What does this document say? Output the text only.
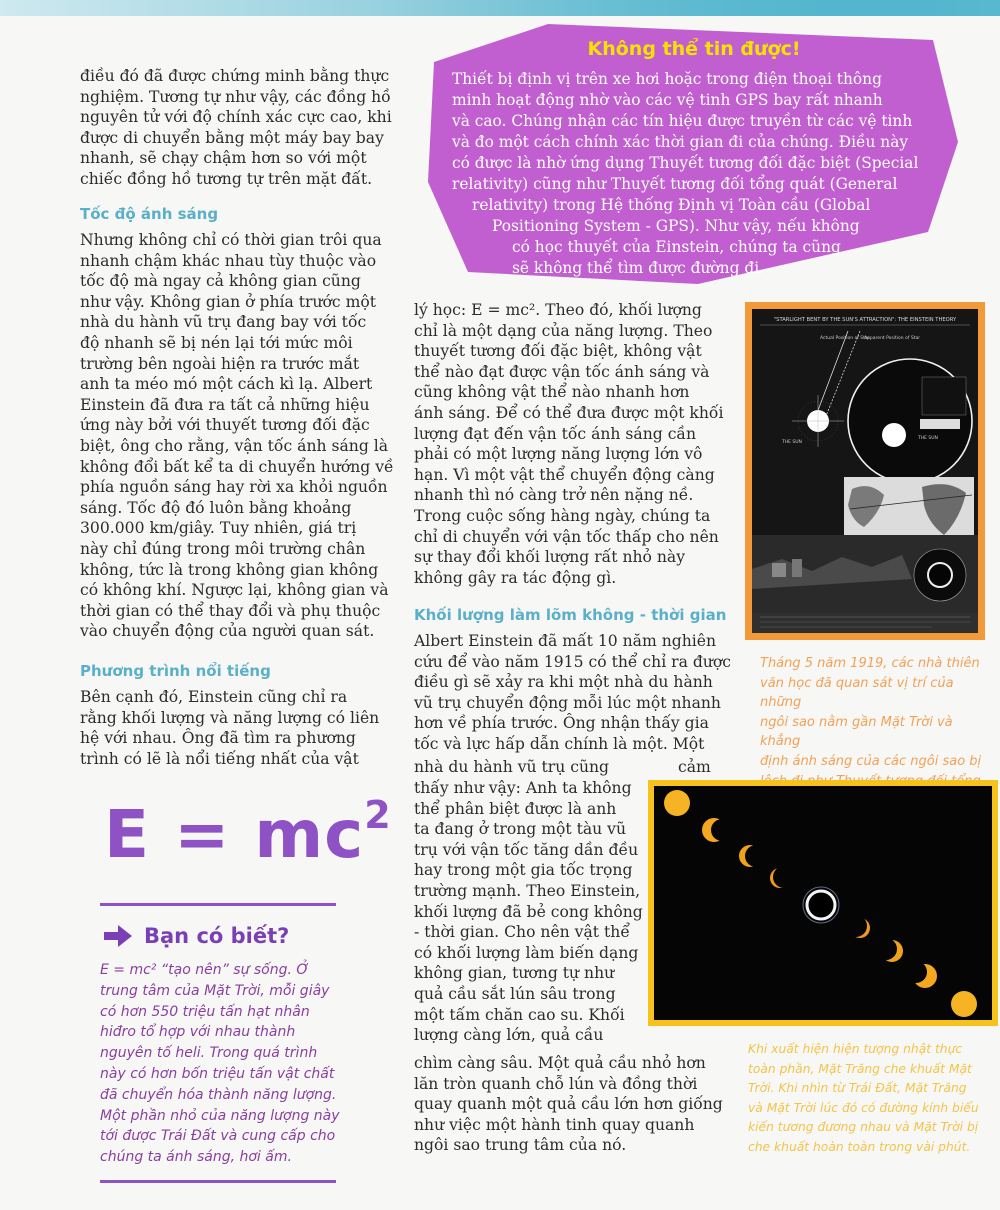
điều đó đã được chứng minh bằng thực
nghiệm. Tương tự như vậy, các đồng hồ
nguyên tử với độ chính xác cực cao, khi
được di chuyển bằng một máy bay bay
nhanh, sẽ chạy chậm hơn so với một
chiếc đồng hồ tương tự trên mặt đất.
Tốc độ ánh sáng
Nhưng không chỉ có thời gian trôi qua
nhanh chậm khác nhau tùy thuộc vào
tốc độ mà ngay cả không gian cũng
như vậy. Không gian ở phía trước một
nhà du hành vũ trụ đang bay với tốc
độ nhanh sẽ bị nén lại tới mức môi
trường bên ngoài hiện ra trước mắt
anh ta méo mó một cách kì lạ. Albert
Einstein đã đưa ra tất cả những hiệu
ứng này bởi với thuyết tương đối đặc
biệt, ông cho rằng, vận tốc ánh sáng là
không đổi bất kể ta di chuyển hướng về
phía nguồn sáng hay rời xa khỏi nguồn
sáng. Tốc độ đó luôn bằng khoảng
300.000 km/giây. Tuy nhiên, giá trị
này chỉ đúng trong môi trường chân
không, tức là trong không gian không
có không khí. Ngược lại, không gian và
thời gian có thể thay đổi và phụ thuộc
vào chuyển động của người quan sát.
Phương trình nổi tiếng
Bên cạnh đó, Einstein cũng chỉ ra
rằng khối lượng và năng lượng có liên
hệ với nhau. Ông đã tìm ra phương
trình có lẽ là nổi tiếng nhất của vật
$E = mc^2$
Bạn có biết?
E = mc² “tạo nên” sự sống. Ở
trung tâm của Mặt Trời, mỗi giây
có hơn 550 triệu tấn hạt nhân
hiđro tổ hợp với nhau thành
nguyên tố heli. Trong quá trình
này có hơn bốn triệu tấn vật chất
đã chuyển hóa thành năng lượng.
Một phần nhỏ của năng lượng này
tới được Trái Đất và cung cấp cho
chúng ta ánh sáng, hơi ấm.
Không thể tin được!
Thiết bị định vị trên xe hơi hoặc trong điện thoại thông
minh hoạt động nhờ vào các vệ tinh GPS bay rất nhanh
và cao. Chúng nhận các tín hiệu được truyền từ các vệ tinh
và đo một cách chính xác thời gian đi của chúng. Điều này
có được là nhờ ứng dụng Thuyết tương đối đặc biệt (Special
relativity) cũng như Thuyết tương đối tổng quát (General
relativity) trong Hệ thống Định vị Toàn cầu (Global
Positioning System - GPS). Như vậy, nếu không
có học thuyết của Einstein, chúng ta cũng
sẽ không thể tìm được đường đi.
lý học: E = mc². Theo đó, khối lượng
chỉ là một dạng của năng lượng. Theo
thuyết tương đối đặc biệt, không vật
thể nào đạt được vận tốc ánh sáng và
cũng không vật thể nào nhanh hơn
ánh sáng. Để có thể đưa được một khối
lượng đạt đến vận tốc ánh sáng cần
phải có một lượng năng lượng lớn vô
hạn. Vì một vật thể chuyển động càng
nhanh thì nó càng trở nên nặng nề.
Trong cuộc sống hàng ngày, chúng ta
chỉ di chuyển với vận tốc thấp cho nên
sự thay đổi khối lượng rất nhỏ này
không gây ra tác động gì.
Khối lượng làm lõm không - thời gian
Albert Einstein đã mất 10 năm nghiên
cứu để vào năm 1915 có thể chỉ ra được
điều gì sẽ xảy ra khi một nhà du hành
vũ trụ chuyển động mỗi lúc một nhanh
hơn về phía trước. Ông nhận thấy gia
tốc và lực hấp dẫn chính là một. Một
nhà du hành vũ trụ cũng	cảm
thấy như vậy: Anh ta không
thể phân biệt được là anh
ta đang ở trong một tàu vũ
trụ với vận tốc tăng dần đều
hay trong một gia tốc trọng
trường mạnh. Theo Einstein,
khối lượng đã bẻ cong không
- thời gian. Cho nên vật thể
có khối lượng làm biến dạng
không gian, tương tự như
quả cầu sắt lún sâu trong
một tấm chăn cao su. Khối
lượng càng lớn, quả cầu
chìm càng sâu. Một quả cầu nhỏ hơn
lăn tròn quanh chỗ lún và đồng thời
quay quanh một quả cầu lớn hơn giống
như việc một hành tinh quay quanh
ngôi sao trung tâm của nó.
"STARLIGHT BENT BY THE SUN'S ATTRACTION": THE EINSTEIN THEORY
Actual Position of Star
Apparent Position of Star
THE SUN
THE SUN
Tháng 5 năm 1919, các nhà thiên
văn học đã quan sát vị trí của những
ngôi sao nằm gần Mặt Trời và khẳng
định ánh sáng của các ngôi sao bị
Khi xuất hiện hiện tượng nhật thực
toàn phần, Mặt Trăng che khuất Mặt
Trời. Khi nhìn từ Trái Đất, Mặt Trăng
và Mặt Trời lúc đó có đường kính biểu
kiến tương đương nhau và Mặt Trời bị
che khuất hoàn toàn trong vài phút.
